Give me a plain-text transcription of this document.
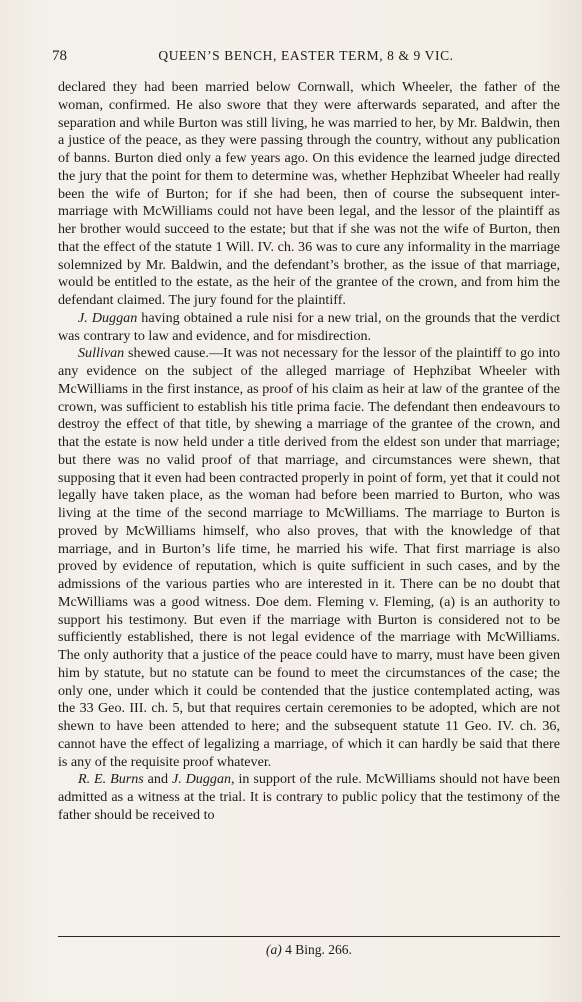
78	QUEEN’S BENCH, EASTER TERM, 8 & 9 VIC.

declared they had been married below Cornwall, which Wheeler, the father of the woman, confirmed. He also swore that they were afterwards separated, and after the separation and while Burton was still living, he was married to her, by Mr. Baldwin, then a justice of the peace, as they were passing through the country, without any publication of banns. Burton died only a few years ago. On this evidence the learned judge directed the jury that the point for them to determine was, whether Hephzibat Wheeler had really been the wife of Burton; for if she had been, then of course the subsequent inter-marriage with McWilliams could not have been legal, and the lessor of the plaintiff as her brother would succeed to the estate; but that if she was not the wife of Burton, then that the effect of the statute 1 Will. IV. ch. 36 was to cure any informality in the marriage solemnized by Mr. Baldwin, and the defendant’s brother, as the issue of that marriage, would be entitled to the estate, as the heir of the grantee of the crown, and from him the defendant claimed. The jury found for the plaintiff.

J. Duggan having obtained a rule nisi for a new trial, on the grounds that the verdict was contrary to law and evidence, and for misdirection.

Sullivan shewed cause.—It was not necessary for the lessor of the plaintiff to go into any evidence on the subject of the alleged marriage of Hephzibat Wheeler with McWilliams in the first instance, as proof of his claim as heir at law of the grantee of the crown, was sufficient to establish his title prima facie. The defendant then endeavours to destroy the effect of that title, by shewing a marriage of the grantee of the crown, and that the estate is now held under a title derived from the eldest son under that marriage; but there was no valid proof of that marriage, and circumstances were shewn, that supposing that it even had been contracted properly in point of form, yet that it could not legally have taken place, as the woman had before been married to Burton, who was living at the time of the second marriage to McWilliams. The marriage to Burton is proved by McWilliams himself, who also proves, that with the knowledge of that marriage, and in Burton’s life time, he married his wife. That first marriage is also proved by evidence of reputation, which is quite sufficient in such cases, and by the admissions of the various parties who are interested in it. There can be no doubt that McWilliams was a good witness. Doe dem. Fleming v. Fleming, (a) is an authority to support his testimony. But even if the marriage with Burton is considered not to be sufficiently established, there is not legal evidence of the marriage with McWilliams. The only authority that a justice of the peace could have to marry, must have been given him by statute, but no statute can be found to meet the circumstances of the case; the only one, under which it could be contended that the justice contemplated acting, was the 33 Geo. III. ch. 5, but that requires certain ceremonies to be adopted, which are not shewn to have been attended to here; and the subsequent statute 11 Geo. IV. ch. 36, cannot have the effect of legalizing a marriage, of which it can hardly be said that there is any of the requisite proof whatever.

R. E. Burns and J. Duggan, in support of the rule. McWilliams should not have been admitted as a witness at the trial. It is contrary to public policy that the testimony of the father should be received to

(a) 4 Bing. 266.
